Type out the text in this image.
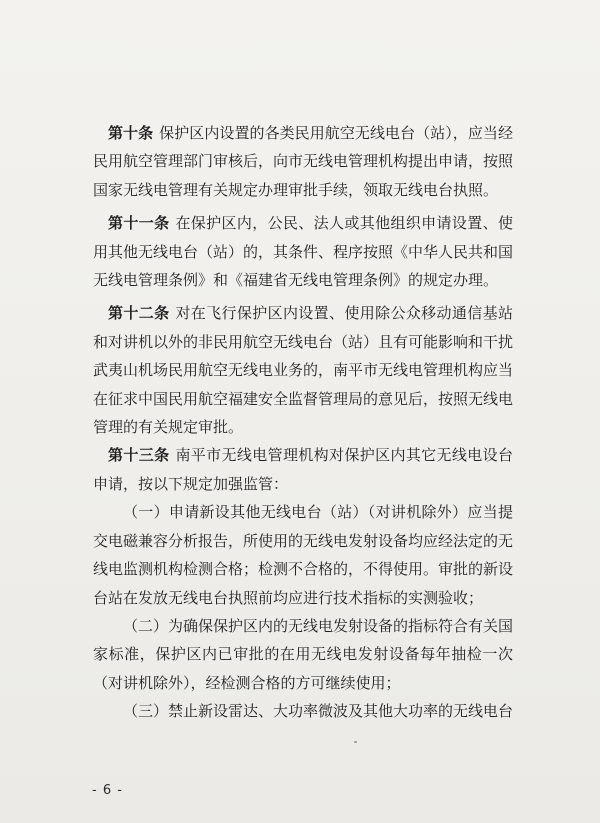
第十条 保护区内设置的各类民用航空无线电台（站），应当经民用航空管理部门审核后，向市无线电管理机构提出申请，按照国家无线电管理有关规定办理审批手续，领取无线电台执照。

第十一条 在保护区内，公民、法人或其他组织申请设置、使用其他无线电台（站）的，其条件、程序按照《中华人民共和国无线电管理条例》和《福建省无线电管理条例》的规定办理。

第十二条 对在飞行保护区内设置、使用除公众移动通信基站和对讲机以外的非民用航空无线电台（站）且有可能影响和干扰武夷山机场民用航空无线电业务的，南平市无线电管理机构应当在征求中国民用航空福建安全监督管理局的意见后，按照无线电管理的有关规定审批。

第十三条 南平市无线电管理机构对保护区内其它无线电设台申请，按以下规定加强监管：

（一）申请新设其他无线电台（站）（对讲机除外）应当提交电磁兼容分析报告，所使用的无线电发射设备均应经法定的无线电监测机构检测合格；检测不合格的，不得使用。审批的新设台站在发放无线电台执照前均应进行技术指标的实测验收；

（二）为确保保护区内的无线电发射设备的指标符合有关国家标准，保护区内已审批的在用无线电发射设备每年抽检一次（对讲机除外），经检测合格的方可继续使用；

（三）禁止新设雷达、大功率微波及其他大功率的无线电台

- 6 -
